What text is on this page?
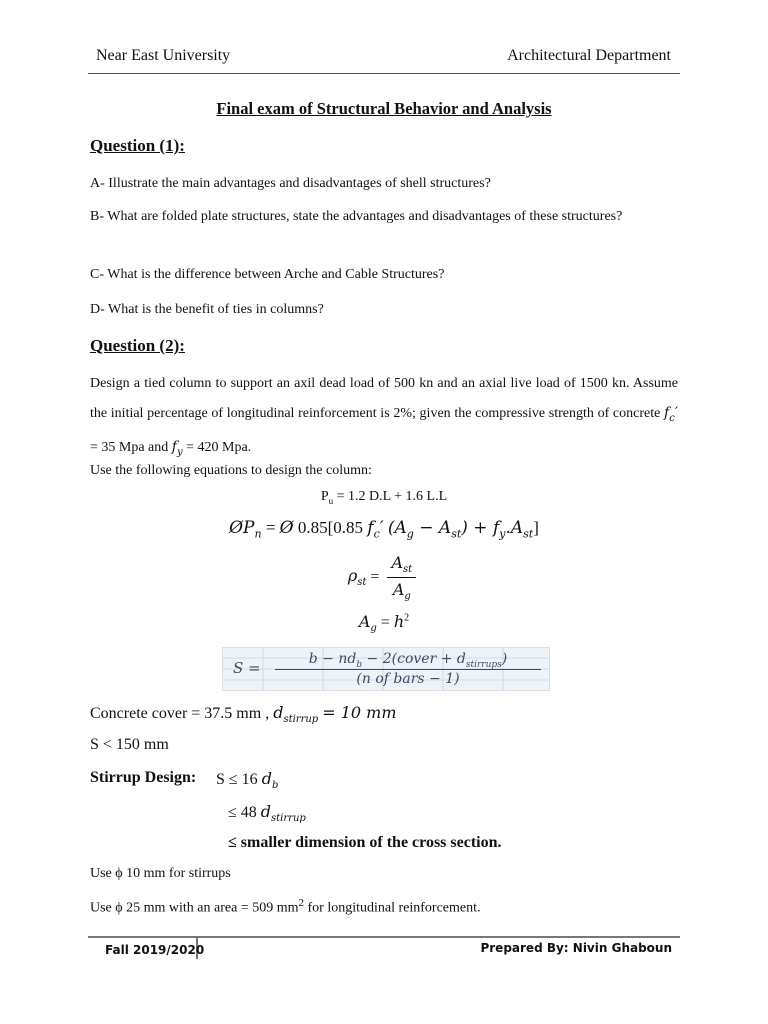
Near East University	Architectural Department
Final exam of Structural Behavior and Analysis
Question (1):
A- Illustrate the main advantages and disadvantages of shell structures?
B- What are folded plate structures, state the advantages and disadvantages of these structures?
C- What is the difference between Arche and Cable Structures?
D- What is the benefit of ties in columns?
Question (2):
Design a tied column to support an axil dead load of 500 kn and an axial live load of 1500 kn. Assume the initial percentage of longitudinal reinforcement is 2%; given the compressive strength of concrete $f_c' = 35$ Mpa and $f_y = 420$ Mpa.
Use the following equations to design the column:
$P_u = 1.2$ D.L + 1.6 L.L
$ØP_n$ = Ø 0.85[0.85 $f_c'$ $(A_g - A_{st}) + f_y.A_{st}$]
$\rho_{st} = \frac{A_{st}}{A_g}$
$A_g = h^2$
S =	$b - nd_b$ − 2(cover + $d_{stirrups}$)
(n of bars − 1)
Concrete cover = 37.5 mm , $d_{stirrup} = 10$ mm
S < 150 mm
Stirrup Design: S ≤ 16 $d_b$
≤ 48 $d_{stirrup}$
≤ smaller dimension of the cross section.
Use ϕ 10 mm for stirrups
Use ϕ 25 mm with an area = 509 $mm^2$ for longitudinal reinforcement.
Fall 2019/2020	Prepared By: Nivin Ghaboun
